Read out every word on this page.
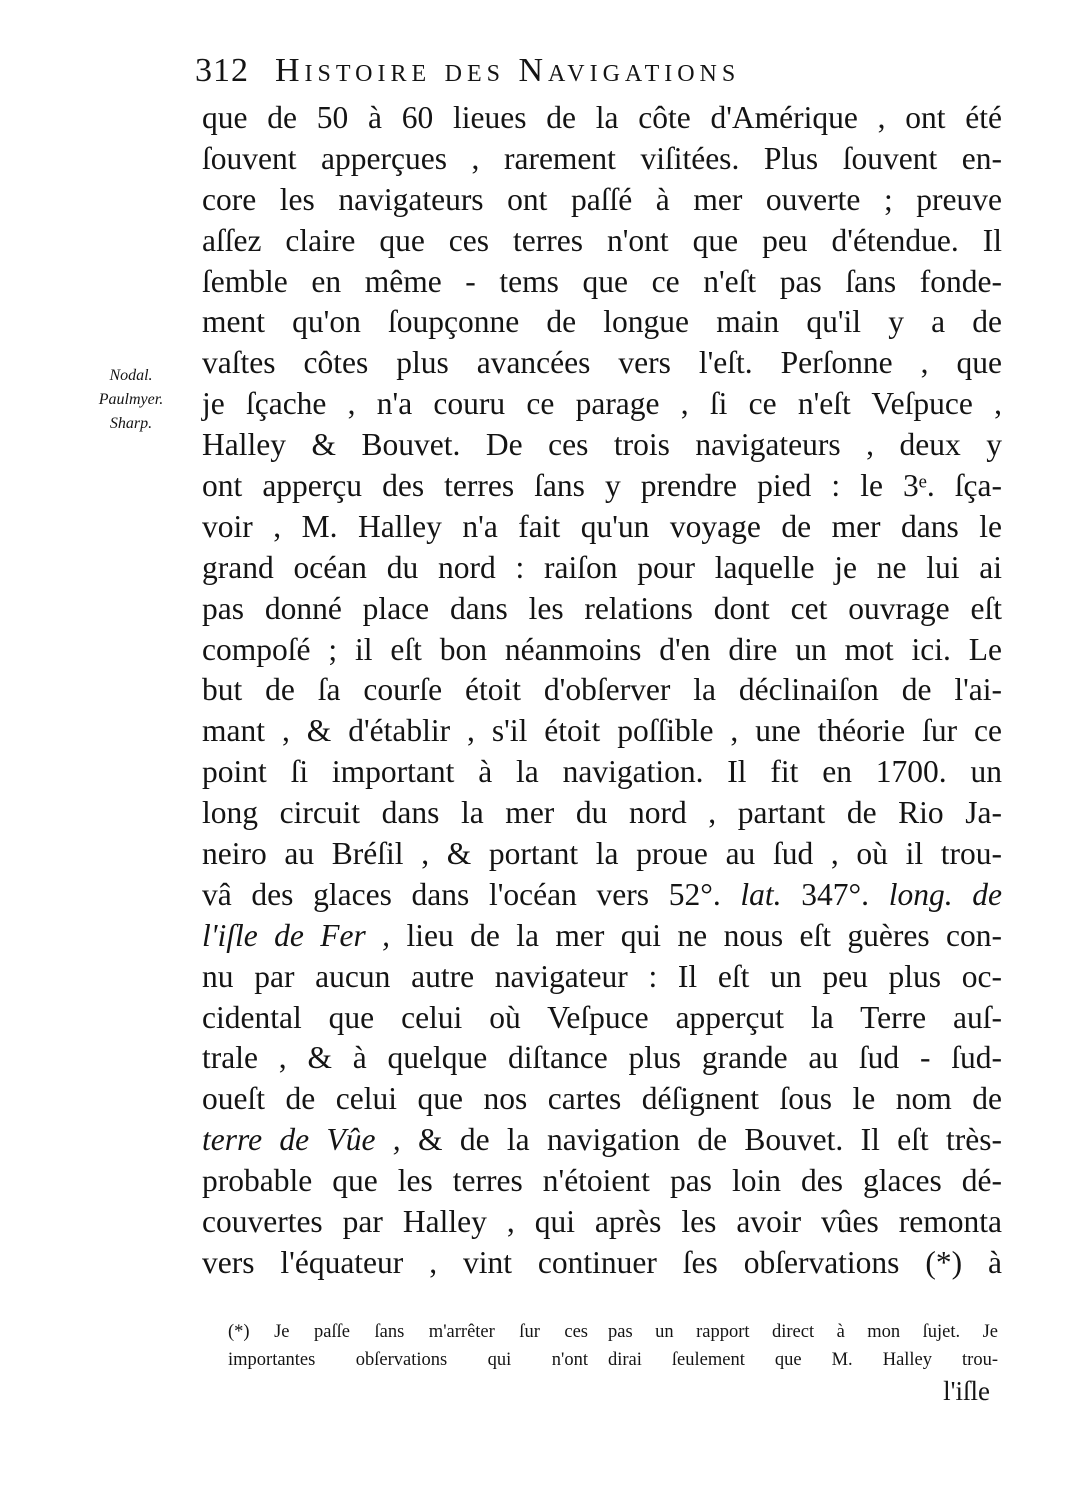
312 Histoire des Navigations
Nodal.
Paulmyer.
Sharp.
que de 50 à 60 lieues de la côte d'Amérique , ont été
ſouvent apperçues , rarement viſitées. Plus ſouvent en-
core les navigateurs ont paſſé à mer ouverte ; preuve
aſſez claire que ces terres n'ont que peu d'étendue. Il
ſemble en même - tems que ce n'eſt pas ſans fonde-
ment qu'on ſoupçonne de longue main qu'il y a de
vaſtes côtes plus avancées vers l'eſt. Perſonne , que
je ſçache , n'a couru ce parage , ſi ce n'eſt Veſpuce ,
Halley & Bouvet. De ces trois navigateurs , deux y
ont apperçu des terres ſans y prendre pied : le 3ᵉ. ſça-
voir , M. Halley n'a fait qu'un voyage de mer dans le
grand océan du nord : raiſon pour laquelle je ne lui ai
pas donné place dans les relations dont cet ouvrage eſt
compoſé ; il eſt bon néanmoins d'en dire un mot ici. Le
but de ſa courſe étoit d'obſerver la déclinaiſon de l'ai-
mant , & d'établir , s'il étoit poſſible , une théorie ſur ce
point ſi important à la navigation. Il fit en 1700. un
long circuit dans la mer du nord , partant de Rio Ja-
neiro au Bréſil , & portant la proue au ſud , où il trou-
vâ des glaces dans l'océan vers 52°. lat. 347°. long. de
l'iſle de Fer , lieu de la mer qui ne nous eſt guères con-
nu par aucun autre navigateur : Il eſt un peu plus oc-
cidental que celui où Veſpuce apperçut la Terre auſ-
trale , & à quelque diſtance plus grande au ſud - ſud-
oueſt de celui que nos cartes déſignent ſous le nom de
terre de Vûe , & de la navigation de Bouvet. Il eſt très-
probable que les terres n'étoient pas loin des glaces dé-
couvertes par Halley , qui après les avoir vûes remonta
vers l'équateur , vint continuer ſes obſervations (*) à
(*) Je paſſe ſans m'arrêter ſur ces
importantes obſervations qui n'ont
pas un rapport direct à mon ſujet. Je
dirai ſeulement que M. Halley trou-
l'iſle
